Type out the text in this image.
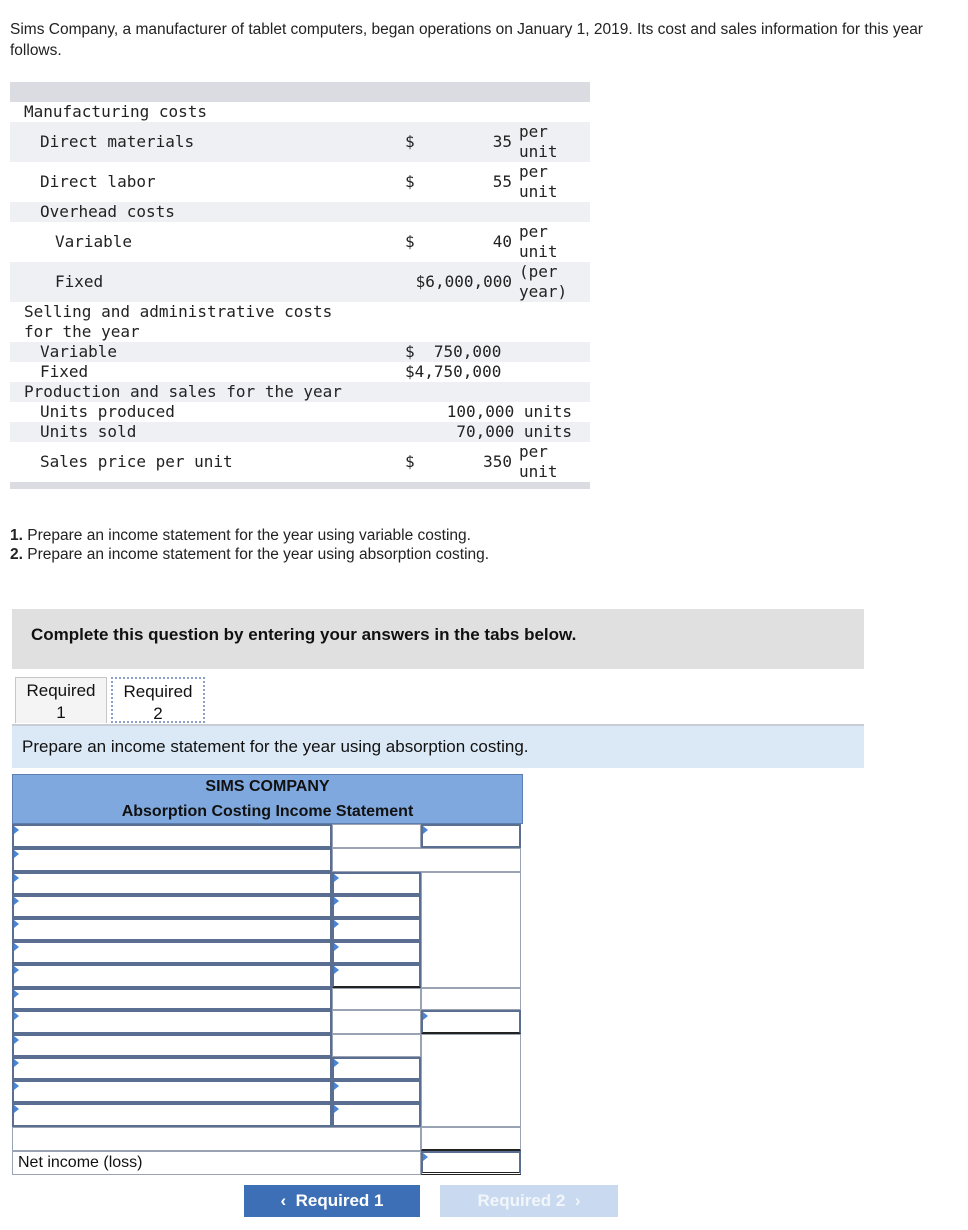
Sims Company, a manufacturer of tablet computers, began operations on January 1, 2019. Its cost and sales information for this year follows.
Manufacturing costs
Direct materials	$	35
per
unit
Direct labor	$	55
per
unit
Overhead costs
Variable	$	40
per
unit
Fixed	$6,000,000
(per
year)
Selling and administrative costs
for the year
Variable	$  750,000
Fixed	$4,750,000
Production and sales for the year
Units produced	100,000 units
Units sold	70,000 units
Sales price per unit	$	350
per
unit
1. Prepare an income statement for the year using variable costing.
2. Prepare an income statement for the year using absorption costing.
Complete this question by entering your answers in the tabs below.
Required
1
Required
2
Prepare an income statement for the year using absorption costing.
SIMS COMPANY
Absorption Costing Income Statement
Net income (loss)
‹ Required 1	Required 2 ›
